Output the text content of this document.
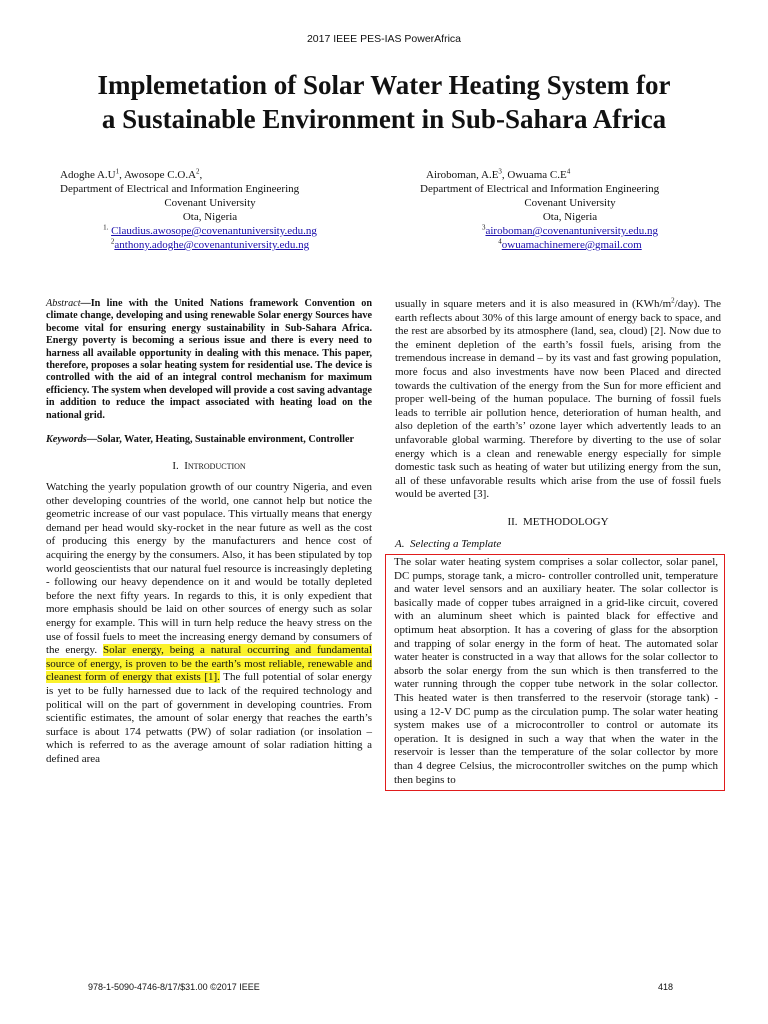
2017 IEEE PES-IAS PowerAfrica
Implemetation of Solar Water Heating System for
a Sustainable Environment in Sub-Sahara Africa
Adoghe $A.U^1$, Awosope $C.O.A^2$,
Department of Electrical and Information Engineering
Covenant University
Ota, Nigeria
$^{1.}$ Claudius.awosope@covenantuniversity.edu.ng
$^2$anthony.adoghe@covenantuniversity.edu.ng
Airoboman, $A.E^3$, Owuama $C.E^4$
Department of Electrical and Information Engineering
Covenant University
Ota, Nigeria
$^3$airoboman@covenantuniversity.edu.ng
$^4$owuamachinemere@gmail.com

Abstract—In line with the United Nations framework Convention on climate change, developing and using renewable Solar energy Sources have become vital for ensuring energy sustainability in Sub-Sahara Africa. Energy poverty is becoming a serious issue and there is every need to harness all available opportunity in dealing with this menace. This paper, therefore, proposes a solar heating system for residential use. The device is controlled with the aid of an integral control mechanism for maximum efficiency. The system when developed will provide a cost saving advantage in addition to reduce the impact associated with heating load on the national grid.

Keywords—Solar, Water, Heating, Sustainable environment, Controller

I. Introduction

Watching the yearly population growth of our country Nigeria, and even other developing countries of the world, one cannot help but notice the geometric increase of our vast populace. This virtually means that energy demand per head would sky-rocket in the near future as well as the cost of producing this energy by the manufacturers and hence cost of acquiring the energy by the consumers. Also, it has been stipulated by top world geoscientists that our natural fuel resource is increasingly depleting - following our heavy dependence on it and would be totally depleted before the next fifty years. In regards to this, it is only expedient that more emphasis should be laid on other sources of energy such as solar energy for example. This will in turn help reduce the heavy stress on the use of fossil fuels to meet the increasing energy demand by consumers of the energy. Solar energy, being a natural occurring and fundamental source of energy, is proven to be the earth’s most reliable, renewable and cleanest form of energy that exists [1]. The full potential of solar energy is yet to be fully harnessed due to lack of the required technology and political will on the part of government in developing countries. From scientific estimates, the amount of solar energy that reaches the earth’s surface is about 174 petwatts (PW) of solar radiation (or insolation – which is referred to as the average amount of solar radiation hitting a defined area

usually in square meters and it is also measured in $(KWh/m^2/day)$. The earth reflects about 30% of this large amount of energy back to space, and the rest are absorbed by its atmosphere (land, sea, cloud) [2]. Now due to the eminent depletion of the earth’s fossil fuels, arising from the tremendous increase in demand – by its vast and fast growing population, more focus and also investments have now been Placed and directed towards the cultivation of the energy from the Sun for more efficient and proper well-being of the human populace. The burning of fossil fuels leads to terrible air pollution hence, deterioration of human health, and also depletion of the earth’s’ ozone layer which advertently leads to an unfavorable global warming. Therefore by diverting to the use of solar energy which is a clean and renewable energy especially for simple domestic task such as heating of water but utilizing energy from the sun, all of these unfavorable results which arise from the use of fossil fuels would be averted [3].

II. METHODOLOGY
A. Selecting a Template

The solar water heating system comprises a solar collector, solar panel, DC pumps, storage tank, a micro- controller controlled unit, temperature and water level sensors and an auxiliary heater. The solar collector is basically made of copper tubes arraigned in a grid-like circuit, covered with an aluminum sheet which is painted black for effective and optimum heat absorption. It has a covering of glass for the absorption and trapping of solar energy in the form of heat. The automated solar water heater is constructed in a way that allows for the solar collector to absorb the solar energy from the sun which is then transferred to the water running through the copper tube network in the solar collector. This heated water is then transferred to the reservoir (storage tank) - using a 12-V DC pump as the circulation pump. The solar water heating system makes use of a microcontroller to control or automate its operation. It is designed in such a way that when the water in the reservoir is lesser than the temperature of the solar collector by more than 4 degree Celsius, the microcontroller switches on the pump which then begins to

978-1-5090-4746-8/17/$31.00 ©2017 IEEE	418
